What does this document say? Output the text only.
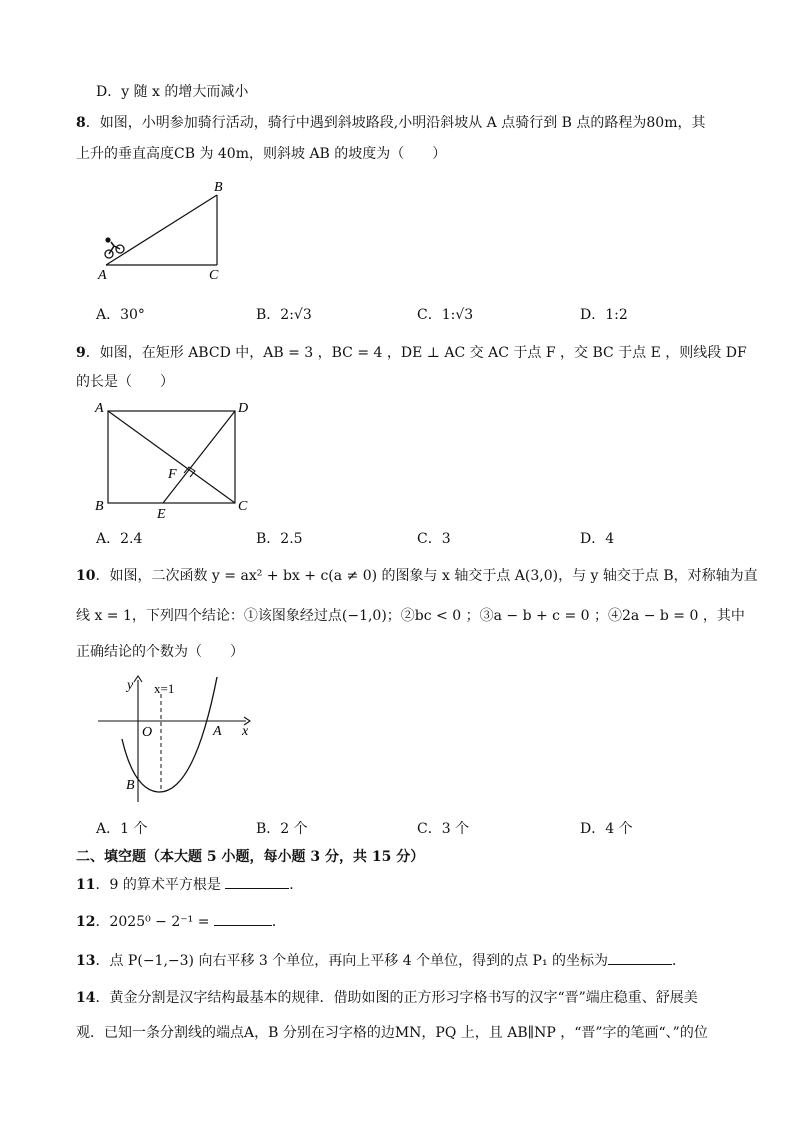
D．y 随 x 的增大而减小
8．如图，小明参加骑行活动，骑行中遇到斜坡路段,小明沿斜坡从 A 点骑行到 B 点的路程为80m，其
上升的垂直高度CB 为 40m，则斜坡 AB 的坡度为（　　）
A	C
B
A．30°	B．2:√3	C．1:√3	D．1:2
9．如图，在矩形 ABCD 中，AB = 3 ，BC = 4 ，DE ⊥ AC 交 AC 于点 F ，交 BC 于点 E ，则线段 DF
的长是（　　）
A	D
B	C
E
F
A．2.4	B．2.5	C．3	D．4
10．如图，二次函数 y = ax² + bx + c(a ≠ 0) 的图象与 x 轴交于点 A(3,0)，与 y 轴交于点 B，对称轴为直
线 x = 1，下列四个结论：①该图象经过点(−1,0)；②bc < 0 ；③a − b + c = 0 ；④2a − b = 0 ，其中
正确结论的个数为（　　）
y
x
x=1
O	A
B
A．1 个	B．2 个	C．3 个	D．4 个
二、填空题（本大题 5 小题，每小题 3 分，共 15 分）
11．9 的算术平方根是	．
12．2025⁰ − 2⁻¹ =	．
13．点 P(−1,−3) 向右平移 3 个单位，再向上平移 4 个单位，得到的点 P₁ 的坐标为	．
14．黄金分割是汉字结构最基本的规律．借助如图的正方形习字格书写的汉字“晋”端庄稳重、舒展美
观．已知一条分割线的端点A，B 分别在习字格的边MN，PQ 上，且 AB∥NP ，“晋”字的笔画“、”的位
